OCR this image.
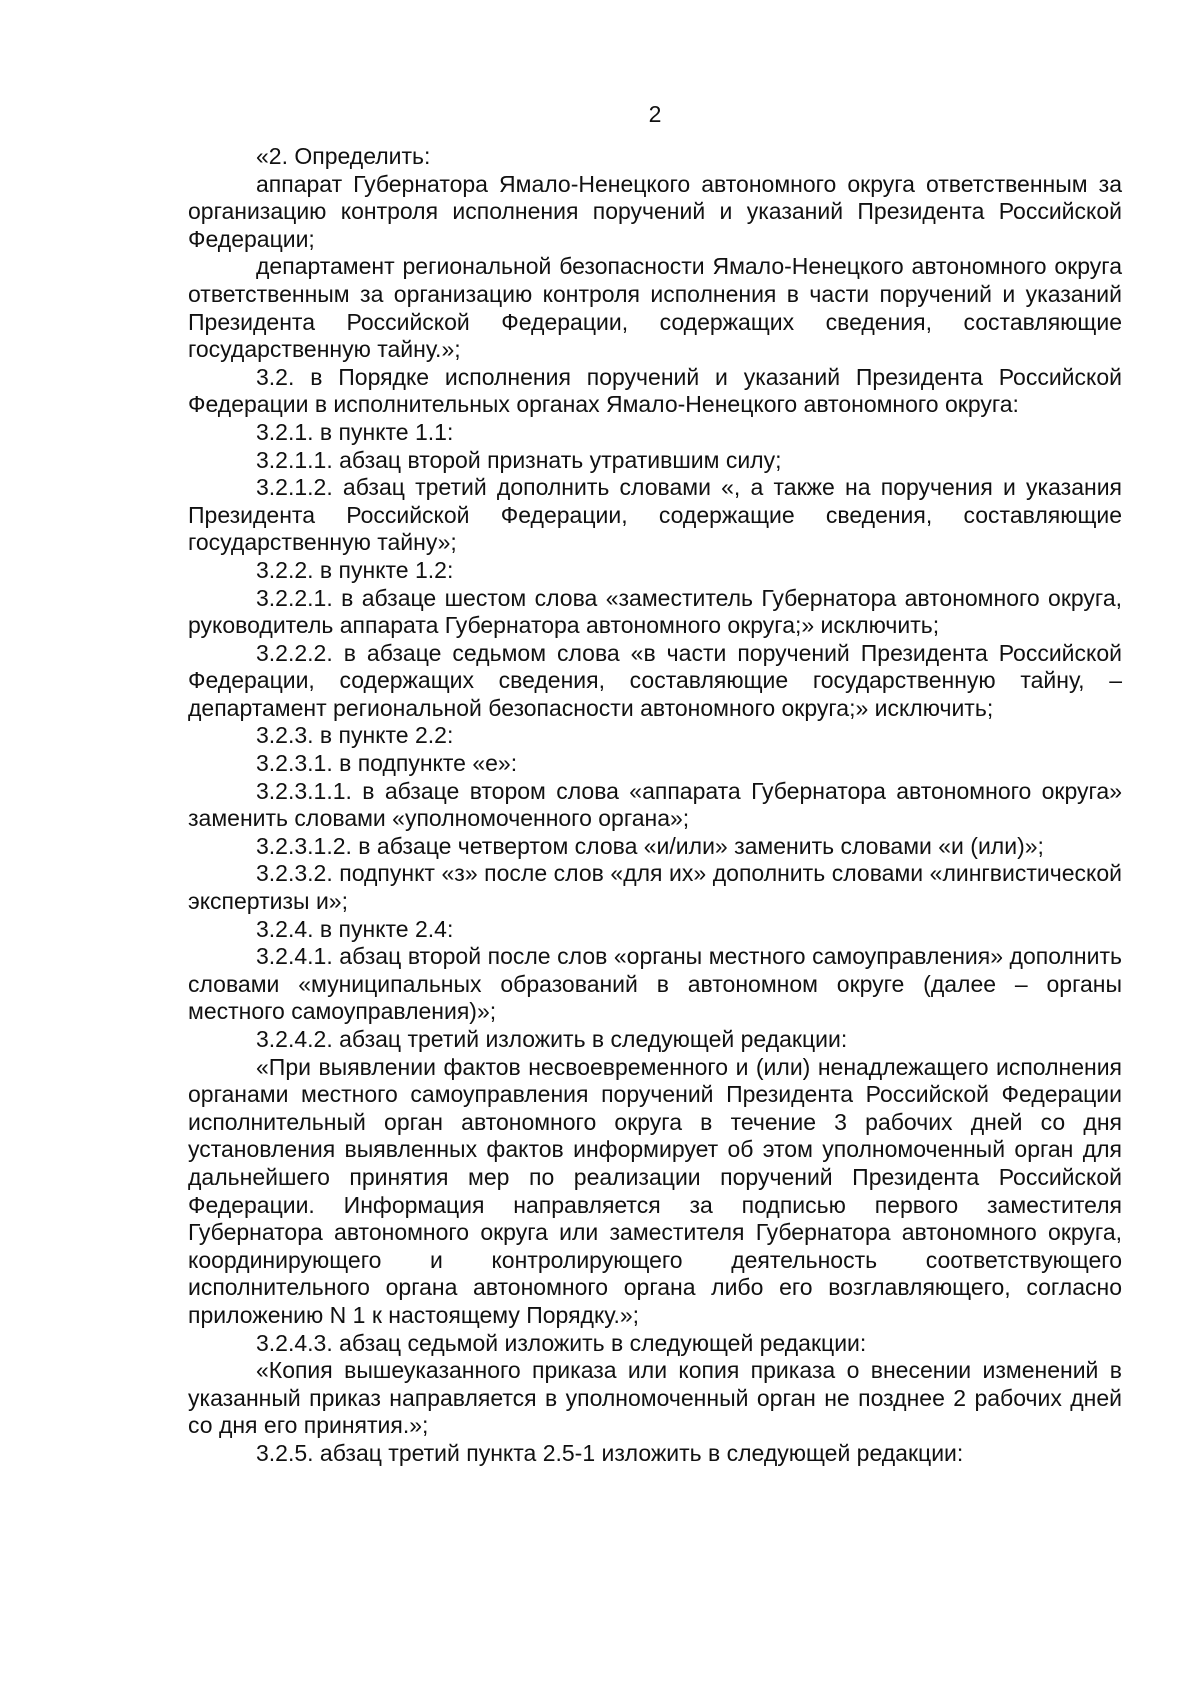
2

«2. Определить:

аппарат Губернатора Ямало-Ненецкого автономного округа ответственным за организацию контроля исполнения поручений и указаний Президента Российской Федерации;

департамент региональной безопасности Ямало-Ненецкого автономного округа ответственным за организацию контроля исполнения в части поручений и указаний Президента Российской Федерации, содержащих сведения, составляющие государственную тайну.»;

3.2. в Порядке исполнения поручений и указаний Президента Российской Федерации в исполнительных органах Ямало-Ненецкого автономного округа:

3.2.1. в пункте 1.1:

3.2.1.1. абзац второй признать утратившим силу;

3.2.1.2. абзац третий дополнить словами «, а также на поручения и указания Президента Российской Федерации, содержащие сведения, составляющие государственную тайну»;

3.2.2. в пункте 1.2:

3.2.2.1. в абзаце шестом слова «заместитель Губернатора автономного округа, руководитель аппарата Губернатора автономного округа;» исключить;

3.2.2.2. в абзаце седьмом слова «в части поручений Президента Российской Федерации, содержащих сведения, составляющие государственную тайну, – департамент региональной безопасности автономного округа;» исключить;

3.2.3. в пункте 2.2:

3.2.3.1. в подпункте «е»:

3.2.3.1.1. в абзаце втором слова «аппарата Губернатора автономного округа» заменить словами «уполномоченного органа»;

3.2.3.1.2. в абзаце четвертом слова «и/или» заменить словами «и (или)»;

3.2.3.2. подпункт «з» после слов «для их» дополнить словами «лингвистической экспертизы и»;

3.2.4. в пункте 2.4:

3.2.4.1. абзац второй после слов «органы местного самоуправления» дополнить словами «муниципальных образований в автономном округе (далее – органы местного самоуправления)»;

3.2.4.2. абзац третий изложить в следующей редакции:

«При выявлении фактов несвоевременного и (или) ненадлежащего исполнения органами местного самоуправления поручений Президента Российской Федерации исполнительный орган автономного округа в течение 3 рабочих дней со дня установления выявленных фактов информирует об этом уполномоченный орган для дальнейшего принятия мер по реализации поручений Президента Российской Федерации. Информация направляется за подписью первого заместителя Губернатора автономного округа или заместителя Губернатора автономного округа, координирующего и контролирующего деятельность соответствующего исполнительного органа автономного органа либо его возглавляющего, согласно приложению N 1 к настоящему Порядку.»;

3.2.4.3. абзац седьмой изложить в следующей редакции:

«Копия вышеуказанного приказа или копия приказа о внесении изменений в указанный приказ направляется в уполномоченный орган не позднее 2 рабочих дней со дня его принятия.»;

3.2.5. абзац третий пункта 2.5-1 изложить в следующей редакции:
